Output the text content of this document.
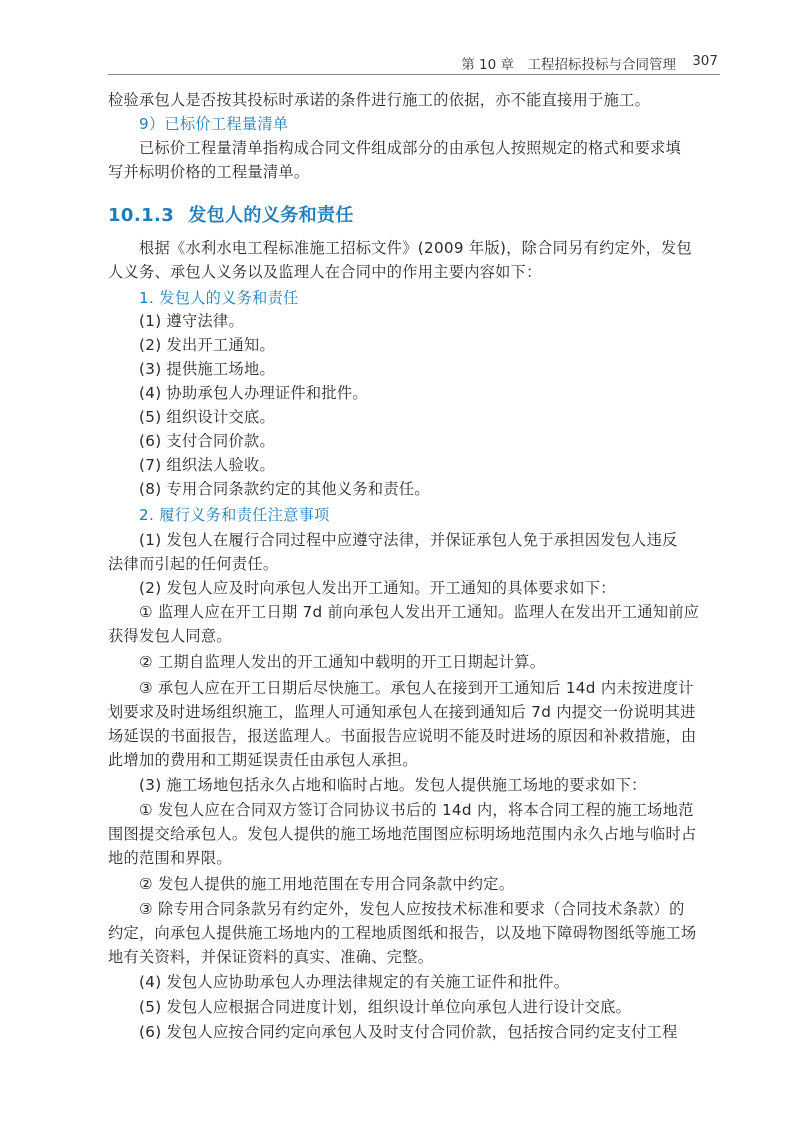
第 10 章　工程招标投标与合同管理 307
检验承包人是否按其投标时承诺的条件进行施工的依据，亦不能直接用于施工。
9）已标价工程量清单
已标价工程量清单指构成合同文件组成部分的由承包人按照规定的格式和要求填
写并标明价格的工程量清单。
10.1.3 发包人的义务和责任
根据《水利水电工程标准施工招标文件》(2009 年版)，除合同另有约定外，发包
人义务、承包人义务以及监理人在合同中的作用主要内容如下：
1. 发包人的义务和责任
(1) 遵守法律。
(2) 发出开工通知。
(3) 提供施工场地。
(4) 协助承包人办理证件和批件。
(5) 组织设计交底。
(6) 支付合同价款。
(7) 组织法人验收。
(8) 专用合同条款约定的其他义务和责任。
2. 履行义务和责任注意事项
(1) 发包人在履行合同过程中应遵守法律，并保证承包人免于承担因发包人违反
法律而引起的任何责任。
(2) 发包人应及时向承包人发出开工通知。开工通知的具体要求如下：
① 监理人应在开工日期 7d 前向承包人发出开工通知。监理人在发出开工通知前应
获得发包人同意。
② 工期自监理人发出的开工通知中载明的开工日期起计算。
③ 承包人应在开工日期后尽快施工。承包人在接到开工通知后 14d 内未按进度计
划要求及时进场组织施工，监理人可通知承包人在接到通知后 7d 内提交一份说明其进
场延误的书面报告，报送监理人。书面报告应说明不能及时进场的原因和补救措施，由
此增加的费用和工期延误责任由承包人承担。
(3) 施工场地包括永久占地和临时占地。发包人提供施工场地的要求如下：
① 发包人应在合同双方签订合同协议书后的 14d 内，将本合同工程的施工场地范
围图提交给承包人。发包人提供的施工场地范围图应标明场地范围内永久占地与临时占
地的范围和界限。
② 发包人提供的施工用地范围在专用合同条款中约定。
③ 除专用合同条款另有约定外，发包人应按技术标准和要求（合同技术条款）的
约定，向承包人提供施工场地内的工程地质图纸和报告，以及地下障碍物图纸等施工场
地有关资料，并保证资料的真实、准确、完整。
(4) 发包人应协助承包人办理法律规定的有关施工证件和批件。
(5) 发包人应根据合同进度计划，组织设计单位向承包人进行设计交底。
(6) 发包人应按合同约定向承包人及时支付合同价款，包括按合同约定支付工程
